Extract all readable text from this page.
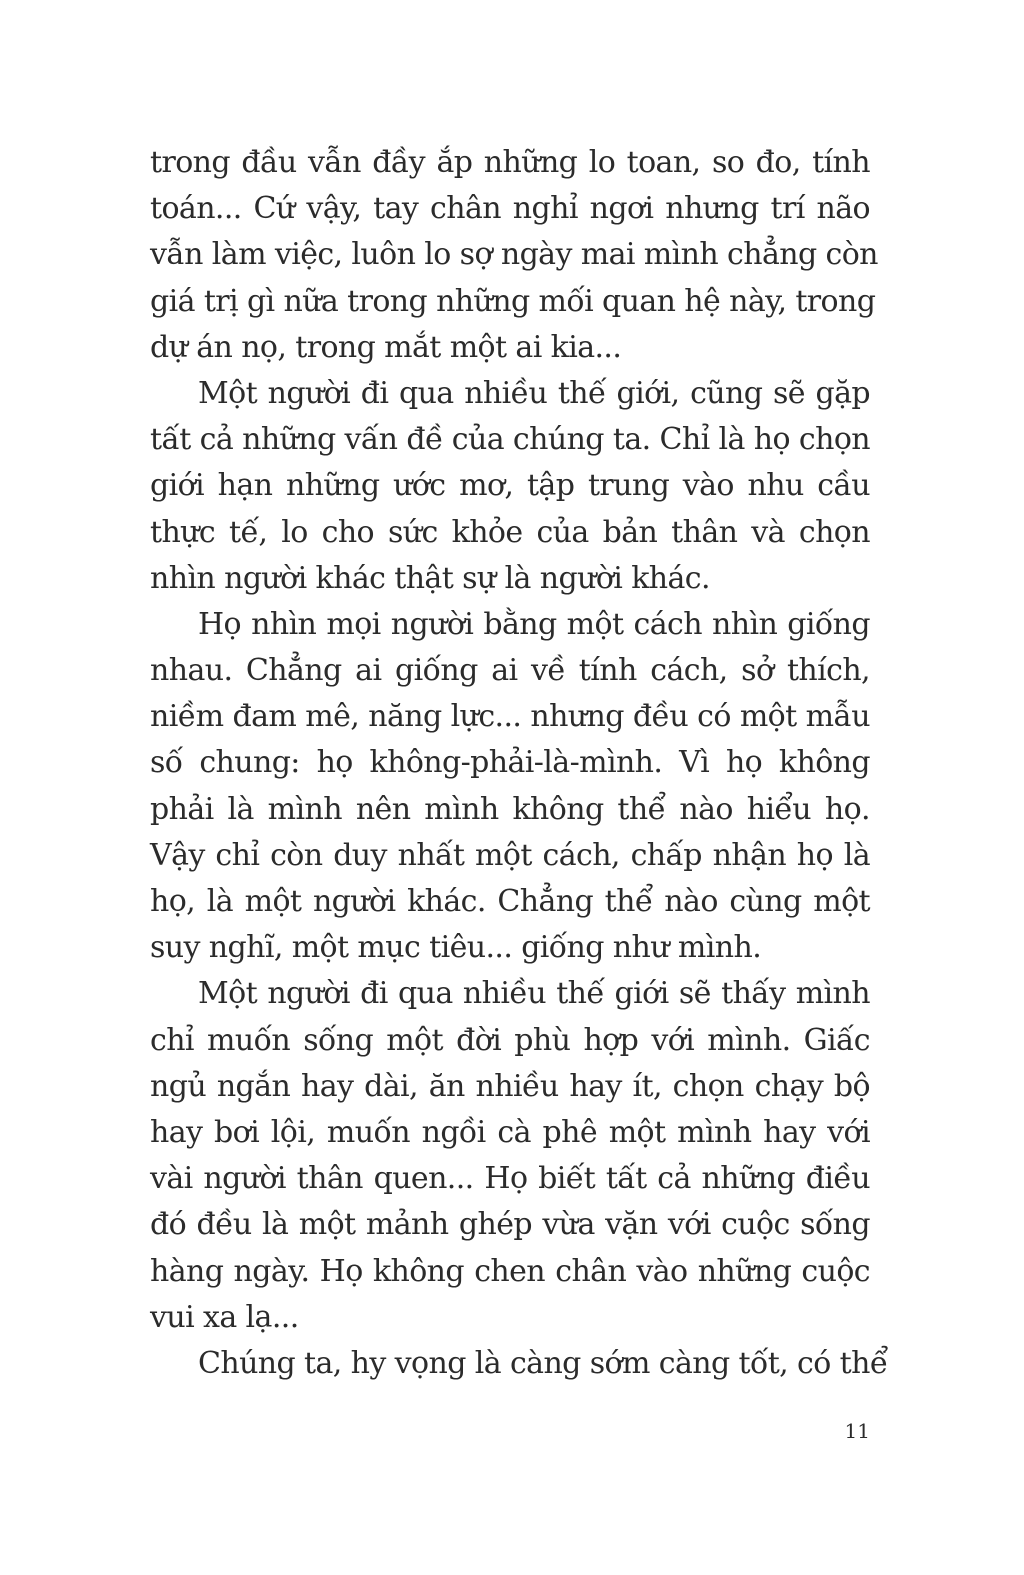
trong đầu vẫn đầy ắp những lo toan, so đo, tính
toán... Cứ vậy, tay chân nghỉ ngơi nhưng trí não
vẫn làm việc, luôn lo sợ ngày mai mình chẳng còn
giá trị gì nữa trong những mối quan hệ này, trong
dự án nọ, trong mắt một ai kia...
Một người đi qua nhiều thế giới, cũng sẽ gặp
tất cả những vấn đề của chúng ta. Chỉ là họ chọn
giới hạn những ước mơ, tập trung vào nhu cầu
thực tế, lo cho sức khỏe của bản thân và chọn
nhìn người khác thật sự là người khác.
Họ nhìn mọi người bằng một cách nhìn giống
nhau. Chẳng ai giống ai về tính cách, sở thích,
niềm đam mê, năng lực... nhưng đều có một mẫu
số chung: họ không-phải-là-mình. Vì họ không
phải là mình nên mình không thể nào hiểu họ.
Vậy chỉ còn duy nhất một cách, chấp nhận họ là
họ, là một người khác. Chẳng thể nào cùng một
suy nghĩ, một mục tiêu... giống như mình.
Một người đi qua nhiều thế giới sẽ thấy mình
chỉ muốn sống một đời phù hợp với mình. Giấc
ngủ ngắn hay dài, ăn nhiều hay ít, chọn chạy bộ
hay bơi lội, muốn ngồi cà phê một mình hay với
vài người thân quen... Họ biết tất cả những điều
đó đều là một mảnh ghép vừa vặn với cuộc sống
hàng ngày. Họ không chen chân vào những cuộc
vui xa lạ...
Chúng ta, hy vọng là càng sớm càng tốt, có thể
11
